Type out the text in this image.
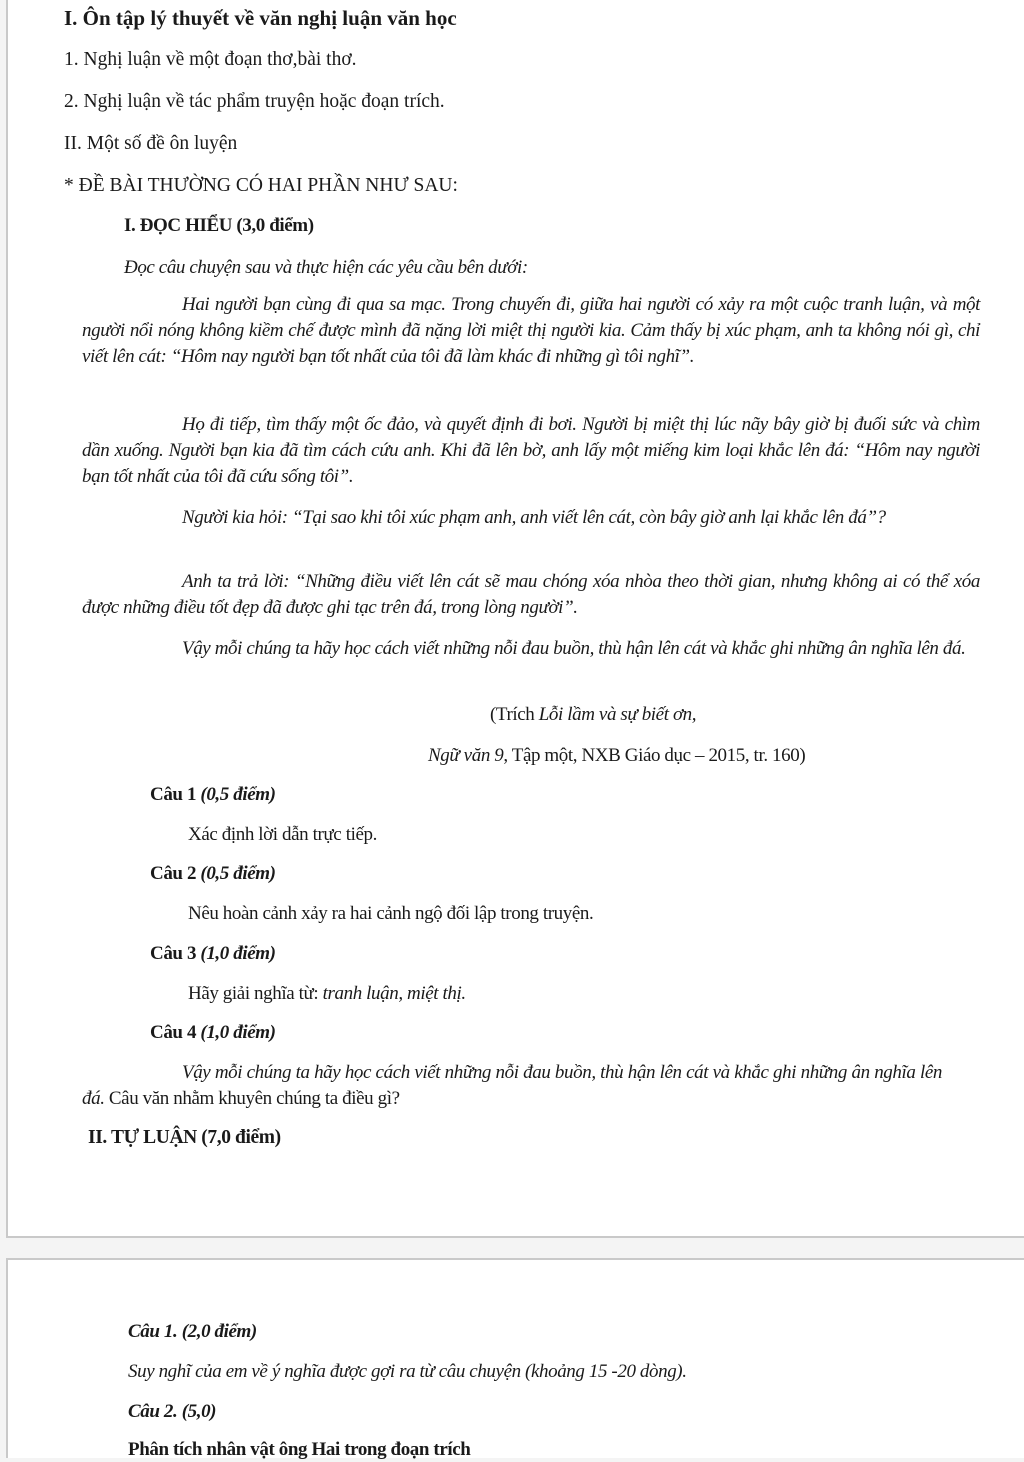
I. Ôn tập lý thuyết về văn nghị luận văn học
1. Nghị luận về một đoạn thơ,bài thơ.
2. Nghị luận về tác phẩm truyện hoặc đoạn trích.
II. Một số đề ôn luyện
* ĐỀ BÀI THƯỜNG CÓ HAI PHẦN NHƯ SAU:
I. ĐỌC HIỂU (3,0 điểm)
Đọc câu chuyện sau và thực hiện các yêu cầu bên dưới:
Hai người bạn cùng đi qua sa mạc. Trong chuyến đi, giữa hai người có xảy ra một cuộc tranh luận, và một người nổi nóng không kiềm chế được mình đã nặng lời miệt thị người kia. Cảm thấy bị xúc phạm, anh ta không nói gì, chỉ viết lên cát: “Hôm nay người bạn tốt nhất của tôi đã làm khác đi những gì tôi nghĩ”.
Họ đi tiếp, tìm thấy một ốc đảo, và quyết định đi bơi. Người bị miệt thị lúc nãy bây giờ bị đuối sức và chìm dần xuống. Người bạn kia đã tìm cách cứu anh. Khi đã lên bờ, anh lấy một miếng kim loại khắc lên đá: “Hôm nay người bạn tốt nhất của tôi đã cứu sống tôi”.
Người kia hỏi: “Tại sao khi tôi xúc phạm anh, anh viết lên cát, còn bây giờ anh lại khắc lên đá”?
Anh ta trả lời: “Những điều viết lên cát sẽ mau chóng xóa nhòa theo thời gian, nhưng không ai có thể xóa được những điều tốt đẹp đã được ghi tạc trên đá, trong lòng người”.
Vậy mỗi chúng ta hãy học cách viết những nỗi đau buồn, thù hận lên cát và khắc ghi những ân nghĩa lên đá.
(Trích Lỗi lầm và sự biết ơn,
Ngữ văn 9, Tập một, NXB Giáo dục – 2015, tr. 160)
Câu 1 (0,5 điểm)
Xác định lời dẫn trực tiếp.
Câu 2 (0,5 điểm)
Nêu hoàn cảnh xảy ra hai cảnh ngộ đối lập trong truyện.
Câu 3 (1,0 điểm)
Hãy giải nghĩa từ: tranh luận, miệt thị.
Câu 4 (1,0 điểm)
Vậy mỗi chúng ta hãy học cách viết những nỗi đau buồn, thù hận lên cát và khắc ghi những ân nghĩa lên đá. Câu văn nhằm khuyên chúng ta điều gì?
II. TỰ LUẬN (7,0 điểm)
Câu 1. (2,0 điểm)
Suy nghĩ của em về ý nghĩa được gợi ra từ câu chuyện (khoảng 15 -20 dòng).
Câu 2. (5,0)
Phân tích nhân vật ông Hai trong đoạn trích
